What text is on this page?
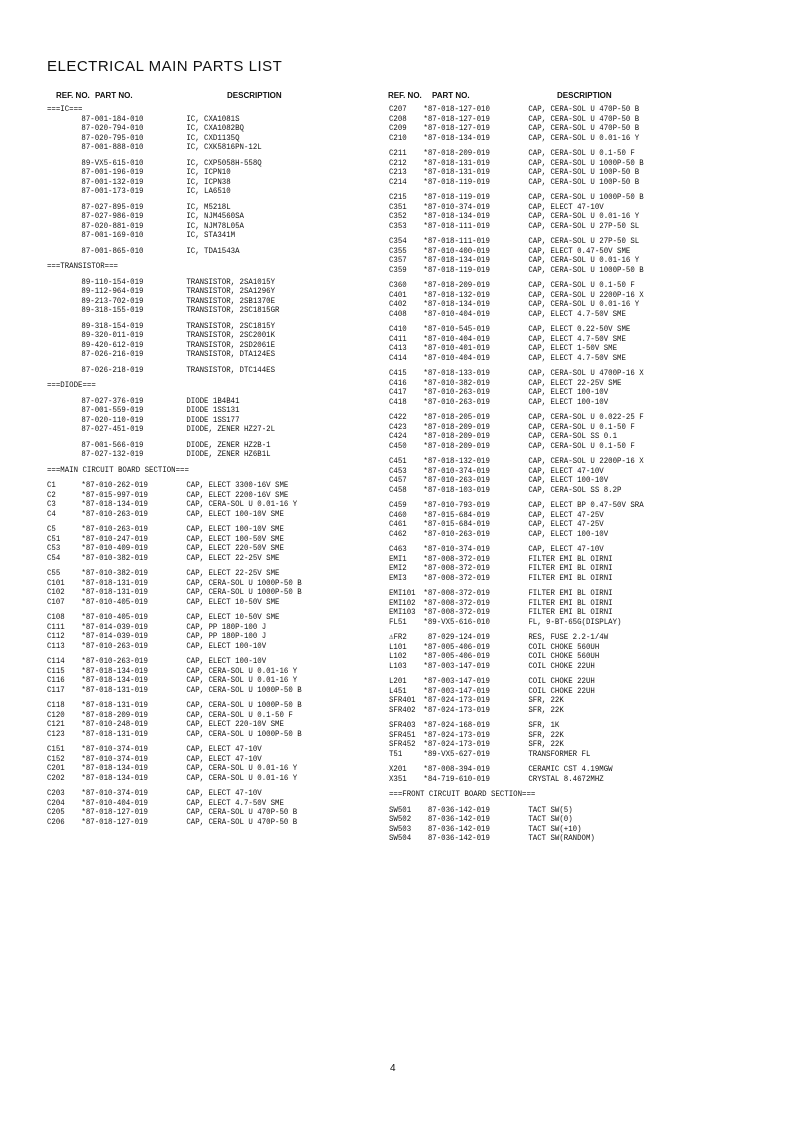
ELECTRICAL MAIN PARTS LIST
REF. NO. PART NO.	DESCRIPTION	REF. NO. PART NO.	DESCRIPTION
===IC===
87-001-184-010	IC, CXA1081S
87-020-794-010	IC, CXA1082BQ
87-020-795-010	IC, CXD1135Q
87-001-888-010	IC, CXK5816PN-12L
89-VX5-615-010	IC, CXP5058H-558Q
87-001-196-019	IC, ICPN10
87-001-132-019	IC, ICPN38
87-001-173-019	IC, LA6510
87-027-895-019	IC, M5218L
87-027-986-019	IC, NJM4560SA
87-020-881-019	IC, NJM78L05A
87-001-169-010	IC, STA341M
87-001-865-010	IC, TDA1543A
===TRANSISTOR===
89-110-154-019	TRANSISTOR, 2SA1015Y
89-112-964-019	TRANSISTOR, 2SA1296Y
89-213-702-019	TRANSISTOR, 2SB1370E
89-318-155-019	TRANSISTOR, 2SC1815GR
89-318-154-019	TRANSISTOR, 2SC1815Y
89-320-011-019	TRANSISTOR, 2SC2001K
89-420-612-019	TRANSISTOR, 2SD2061E
87-026-216-019	TRANSISTOR, DTA124ES
87-026-218-019	TRANSISTOR, DTC144ES
===DIODE===
87-027-376-019	DIODE 1B4B41
87-001-559-019	DIODE 1SS131
87-020-110-019	DIODE 1SS177
87-027-451-019	DIODE, ZENER HZ27-2L
87-001-566-019	DIODE, ZENER HZ2B-1
87-027-132-019	DIODE, ZENER HZ6B1L
===MAIN CIRCUIT BOARD SECTION===
C1	*87-010-262-019	CAP, ELECT 3300-16V SME
C2	*87-015-997-019	CAP, ELECT 2200-16V SME
C3	*87-018-134-019	CAP, CERA-SOL U 0.01-16 Y
C4	*87-010-263-019	CAP, ELECT 100-10V SME
C5	*87-010-263-019	CAP, ELECT 100-10V SME
C51 *87-010-247-019	CAP, ELECT 100-50V SME
C53 *87-010-409-019	CAP, ELECT 220-50V SME
C54 *87-010-382-019	CAP, ELECT 22-25V SME
C55 *87-010-382-019	CAP, ELECT 22-25V SME
C101 *87-018-131-019	CAP, CERA-SOL U 1000P-50 B
C102 *87-018-131-019	CAP, CERA-SOL U 1000P-50 B
C107 *87-010-405-019	CAP, ELECT 10-50V SME
C108 *87-010-405-019	CAP, ELECT 10-50V SME
C111 *87-014-039-019	CAP, PP 180P-100 J
C112 *87-014-039-019	CAP, PP 180P-100 J
C113 *87-010-263-019	CAP, ELECT 100-10V
C114 *87-010-263-019	CAP, ELECT 100-10V
C115 *87-018-134-019	CAP, CERA-SOL U 0.01-16 Y
C116 *87-018-134-019	CAP, CERA-SOL U 0.01-16 Y
C117 *87-018-131-019	CAP, CERA-SOL U 1000P-50 B
C118 *87-018-131-019	CAP, CERA-SOL U 1000P-50 B
C120 *87-018-209-019	CAP, CERA-SOL U 0.1-50 F
C121 *87-010-248-019	CAP, ELECT 220-10V SME
C123 *87-018-131-019	CAP, CERA-SOL U 1000P-50 B
C151 *87-010-374-019	CAP, ELECT 47-10V
C152 *87-010-374-019	CAP, ELECT 47-10V
C201 *87-018-134-019	CAP, CERA-SOL U 0.01-16 Y
C202 *87-018-134-019	CAP, CERA-SOL U 0.01-16 Y
C203 *87-010-374-019	CAP, ELECT 47-10V
C204 *87-010-404-019	CAP, ELECT 4.7-50V SME
C205 *87-018-127-019	CAP, CERA-SOL U 470P-50 B
C206 *87-018-127-019	CAP, CERA-SOL U 470P-50 B
C207 *87-018-127-010	CAP, CERA-SOL U 470P-50 B
C208 *87-018-127-019	CAP, CERA-SOL U 470P-50 B
C209 *87-018-127-019	CAP, CERA-SOL U 470P-50 B
C210 *87-018-134-019	CAP, CERA-SOL U 0.01-16 Y
C211 *87-018-209-019	CAP, CERA-SOL U 0.1-50 F
C212 *87-018-131-019	CAP, CERA-SOL U 1000P-50 B
C213 *87-018-131-019	CAP, CERA-SOL U 100P-50 B
C214 *87-018-119-019	CAP, CERA-SOL U 100P-50 B
C215 *87-018-119-019	CAP, CERA-SOL U 1000P-50 B
C351 *87-010-374-019	CAP, ELECT 47-10V
C352 *87-018-134-019	CAP, CERA-SOL U 0.01-16 Y
C353 *87-018-111-019	CAP, CERA-SOL U 27P-50 SL
C354 *87-018-111-019	CAP, CERA-SOL U 27P-50 SL
C355 *87-010-400-019	CAP, ELECT 0.47-50V SME
C357 *87-018-134-019	CAP, CERA-SOL U 0.01-16 Y
C359 *87-018-119-019	CAP, CERA-SOL U 1000P-50 B
C360 *87-018-209-019	CAP, CERA-SOL U 0.1-50 F
C401 *87-018-132-019	CAP, CERA-SOL U 2200P-16 X
C402 *87-018-134-019	CAP, CERA-SOL U 0.01-16 Y
C408 *87-010-404-019	CAP, ELECT 4.7-50V SME
C410 *87-010-545-019	CAP, ELECT 0.22-50V SME
C411 *87-010-404-019	CAP, ELECT 4.7-50V SME
C413 *87-010-401-019	CAP, ELECT 1-50V SME
C414 *87-010-404-019	CAP, ELECT 4.7-50V SME
C415 *87-018-133-019	CAP, CERA-SOL U 4700P-16 X
C416 *87-010-382-019	CAP, ELECT 22-25V SME
C417 *87-010-263-019	CAP, ELECT 100-10V
C418 *87-010-263-019	CAP, ELECT 100-10V
C422 *87-018-205-019	CAP, CERA-SOL U 0.022-25 F
C423 *87-018-209-019	CAP, CERA-SOL U 0.1-50 F
C424 *87-018-209-019	CAP, CERA-SOL SS 0.1
C450 *87-018-209-019	CAP, CERA-SOL U 0.1-50 F
C451 *87-018-132-019	CAP, CERA-SOL U 2200P-16 X
C453 *87-010-374-019	CAP, ELECT 47-10V
C457 *87-010-263-019	CAP, ELECT 100-10V
C458 *87-018-103-019	CAP, CERA-SOL SS 8.2P
C459 *87-010-793-019	CAP, ELECT BP 0.47-50V SRA
C460 *87-015-684-019	CAP, ELECT 47-25V
C461 *87-015-684-019	CAP, ELECT 47-25V
C462 *87-010-263-019	CAP, ELECT 100-10V
C463 *87-010-374-019	CAP, ELECT 47-10V
EMI1 *87-008-372-019	FILTER EMI BL OIRNI
EMI2 *87-008-372-019	FILTER EMI BL OIRNI
EMI3 *87-008-372-019	FILTER EMI BL OIRNI
EMI101 *87-008-372-019	FILTER EMI BL OIRNI
EMI102 *87-008-372-019	FILTER EMI BL OIRNI
EMI103 *87-008-372-019	FILTER EMI BL OIRNI
FL51 *89-VX5-616-010	FL, 9-BT-65G(DISPLAY)
⚠FR2 87-029-124-019	RES, FUSE 2.2-1/4W
L101 *87-005-406-019	COIL CHOKE 560UH
L102 *87-005-406-019	COIL CHOKE 560UH
L103 *87-003-147-019	COIL CHOKE 22UH
L201 *87-003-147-019	COIL CHOKE 22UH
L451 *87-003-147-019	COIL CHOKE 22UH
SFR401 *87-024-173-019	SFR, 22K
SFR402 *87-024-173-019	SFR, 22K
SFR403 *87-024-168-019	SFR, 1K
SFR451 *87-024-173-019	SFR, 22K
SFR452 *87-024-173-019	SFR, 22K
T51 *89-VX5-627-019	TRANSFORMER FL
X201 *87-008-394-019	CERAMIC CST 4.19MGW
X351 *84-719-610-019	CRYSTAL 8.4672MHZ
===FRONT CIRCUIT BOARD SECTION===
SW501 87-036-142-019	TACT SW(5)
SW502 87-036-142-019	TACT SW(0)
SW503 87-036-142-019	TACT SW(+10)
SW504 87-036-142-019	TACT SW(RANDOM)
4
